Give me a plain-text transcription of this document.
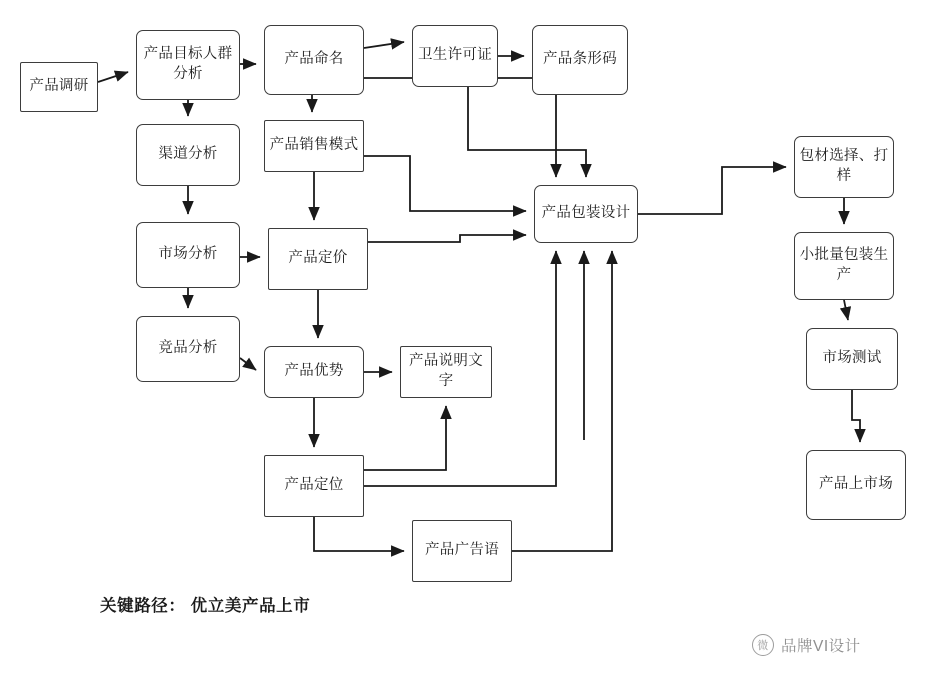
产品调研
产品目标人群分析
产品命名	卫生许可证	产品条形码
渠道分析
产品销售模式
市场分析	产品定价
竞品分析
产品优势
产品说明文字
产品定位
产品广告语
产品包装设计
包材选择、打样
小批量包装生产
市场测试
产品上市场
关键路径： 优立美产品上市
微 品牌VI设计
